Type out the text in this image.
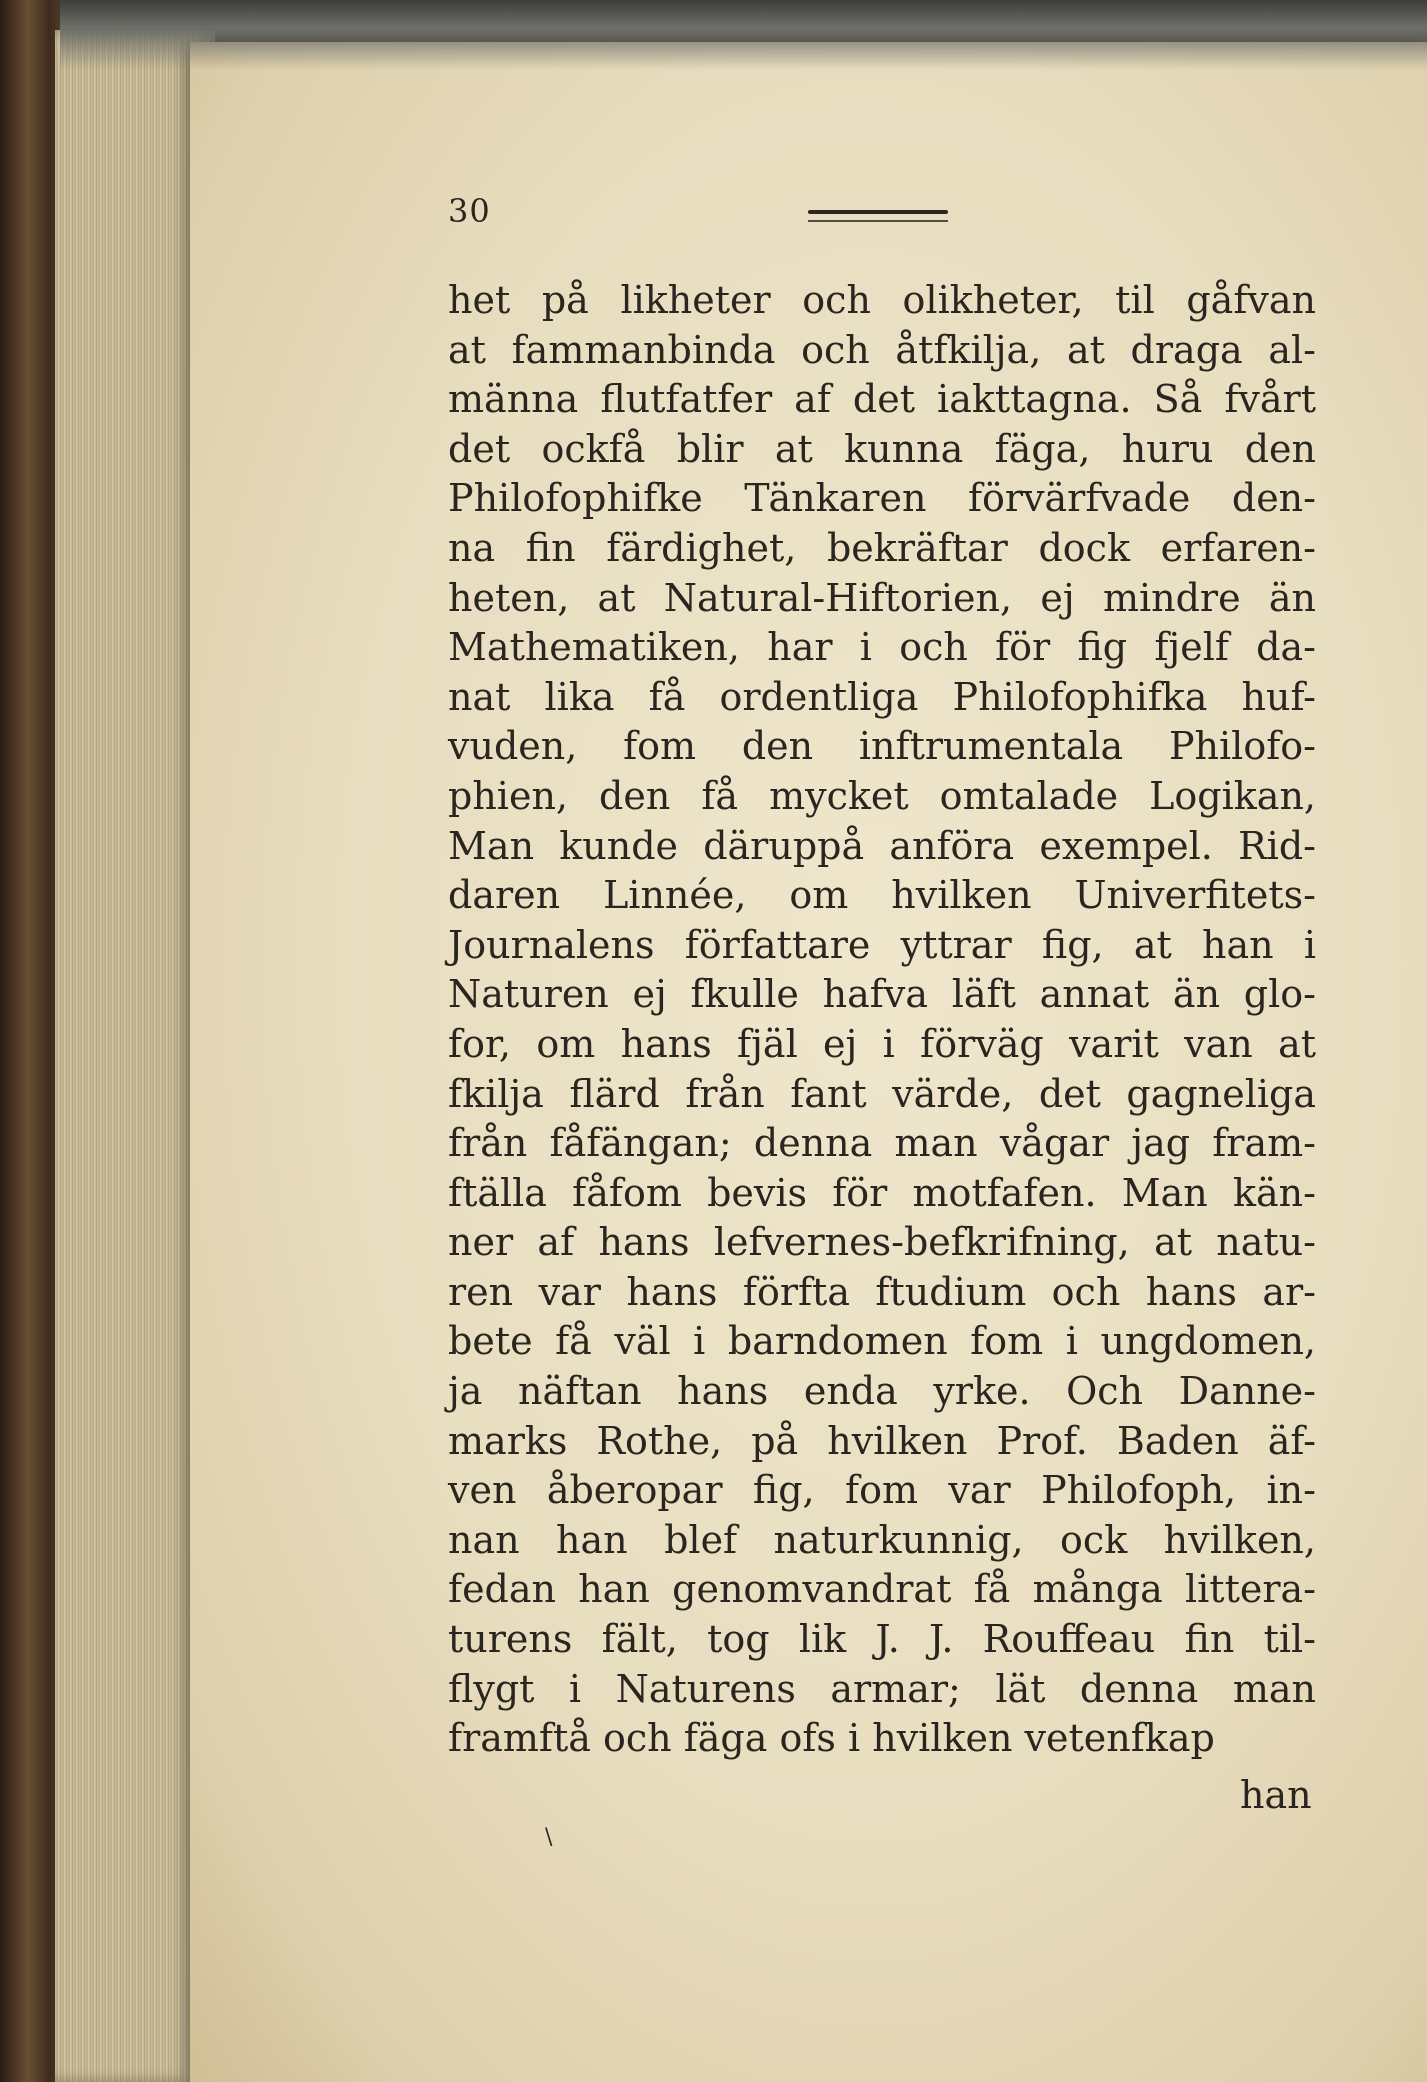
30
het på likheter och olikheter, til gåfvan
at fammanbinda och åtfkilja, at draga al-
männa flutfatfer af det iakttagna. Så fvårt
det ockfå blir at kunna fäga, huru den
Philofophifke Tänkaren förvärfvade den-
na fin färdighet, bekräftar dock erfaren-
heten, at Natural-Hiftorien, ej mindre än
Mathematiken, har i och för fig fjelf da-
nat lika få ordentliga Philofophifka huf-
vuden, fom den inftrumentala Philofo-
phien, den få mycket omtalade Logikan,
Man kunde däruppå anföra exempel. Rid-
daren Linnée, om hvilken Univerfitets-
Journalens författare yttrar fig, at han i
Naturen ej fkulle hafva läft annat än glo-
for, om hans fjäl ej i förväg varit van at
fkilja flärd från fant värde, det gagneliga
från fåfängan; denna man vågar jag fram-
ftälla fåfom bevis för motfafen. Man kän-
ner af hans lefvernes-befkrifning, at natu-
ren var hans förfta ftudium och hans ar-
bete få väl i barndomen fom i ungdomen,
ja näftan hans enda yrke. Och Danne-
marks Rothe, på hvilken Prof. Baden äf-
ven åberopar fig, fom var Philofoph, in-
nan han blef naturkunnig, ock hvilken,
fedan han genomvandrat få många littera-
turens fält, tog lik J. J. Rouffeau fin til-
flygt i Naturens armar; lät denna man
framftå och fäga ofs i hvilken vetenfkap
han
\
